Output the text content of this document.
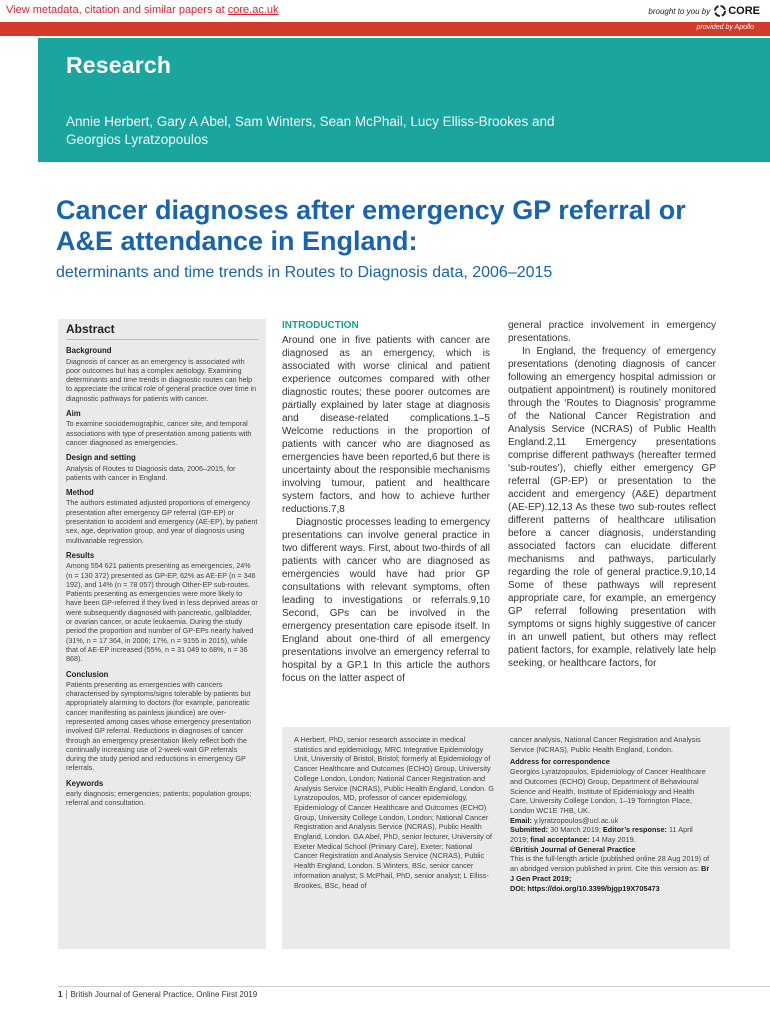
View metadata, citation and similar papers at core.ac.uk	brought to you by CORE
provided by Apollo
Research
Annie Herbert, Gary A Abel, Sam Winters, Sean McPhail, Lucy Elliss-Brookes and Georgios Lyratzopoulos
Cancer diagnoses after emergency GP referral or A&E attendance in England:
determinants and time trends in Routes to Diagnosis data, 2006–2015
Abstract
Background

Diagnosis of cancer as an emergency is associated with poor outcomes but has a complex aetiology. Examining determinants and time trends in diagnostic routes can help to appreciate the critical role of general practice over time in diagnostic pathways for patients with cancer.

Aim

To examine sociodemographic, cancer site, and temporal associations with type of presentation among patients with cancer diagnosed as emergencies.

Design and setting

Analysis of Routes to Diagnosis data, 2006–2015, for patients with cancer in England.

Method

The authors estimated adjusted proportions of emergency presentation after emergency GP referral (GP-EP) or presentation to accident and emergency (AE-EP), by patient sex, age, deprivation group, and year of diagnosis using multivariable regression.

Results

Among 554 621 patients presenting as emergencies, 24% (n = 130 372) presented as GP-EP, 62% as AE-EP (n = 346 192), and 14% (n = 78 057) through Other-EP sub-routes. Patients presenting as emergencies were more likely to have been GP-referred if they lived in less deprived areas or were subsequently diagnosed with pancreatic, gallbladder, or ovarian cancer, or acute leukaemia. During the study period the proportion and number of GP-EPs nearly halved (31%, n = 17 364, in 2006; 17%, n = 9155 in 2015), while that of AE-EP increased (55%, n = 31 049 to 68%, n = 36 868).

Conclusion

Patients presenting as emergencies with cancers characterised by symptoms/signs tolerable by patients but appropriately alarming to doctors (for example, pancreatic cancer manifesting as painless jaundice) are over-represented among cases whose emergency presentation involved GP referral. Reductions in diagnoses of cancer through an emergency presentation likely reflect both the continually increasing use of 2-week-wait GP referrals during the study period and reductions in emergency GP referrals.

Keywords

early diagnosis; emergencies; patients; population groups; referral and consultation.

INTRODUCTION

Around one in five patients with cancer are diagnosed as an emergency, which is associated with worse clinical and patient experience outcomes compared with other diagnostic routes; these poorer outcomes are partially explained by later stage at diagnosis and disease-related complications.1–5 Welcome reductions in the proportion of patients with cancer who are diagnosed as emergencies have been reported,6 but there is uncertainty about the responsible mechanisms involving tumour, patient and healthcare system factors, and how to achieve further reductions.7,8

Diagnostic processes leading to emergency presentations can involve general practice in two different ways. First, about two-thirds of all patients with cancer who are diagnosed as emergencies would have had prior GP consultations with relevant symptoms, often leading to investigations or referrals.9,10 Second, GPs can be involved in the emergency presentation care episode itself. In England about one-third of all emergency presentations involve an emergency referral to hospital by a GP.1 In this article the authors focus on the latter aspect of

general practice involvement in emergency presentations.

In England, the frequency of emergency presentations (denoting diagnosis of cancer following an emergency hospital admission or outpatient appointment) is routinely monitored through the ‘Routes to Diagnosis’ programme of the National Cancer Registration and Analysis Service (NCRAS) of Public Health England.2,11 Emergency presentations comprise different pathways (hereafter termed ‘sub-routes’), chiefly either emergency GP referral (GP-EP) or presentation to the accident and emergency (A&E) department (AE-EP).12,13 As these two sub-routes reflect different patterns of healthcare utilisation before a cancer diagnosis, understanding associated factors can elucidate different mechanisms and pathways, particularly regarding the role of general practice.9,10,14 Some of these pathways will represent appropriate care, for example, an emergency GP referral following presentation with symptoms or signs highly suggestive of cancer in an unwell patient, but others may reflect patient factors, for example, relatively late help seeking, or healthcare factors, for

A Herbert, PhD, senior research associate in medical statistics and epidemiology, MRC Integrative Epidemiology Unit, University of Bristol, Bristol; formerly at Epidemiology of Cancer Healthcare and Outcomes (ECHO) Group, University College London, London; National Cancer Registration and Analysis Service (NCRAS), Public Health England, London. G Lyratzopoulos, MD, professor of cancer epidemiology, Epidemiology of Cancer Healthcare and Outcomes (ECHO) Group, University College London, London; National Cancer Registration and Analysis Service (NCRAS), Public Health England, London. GA Abel, PhD, senior lecturer, University of Exeter Medical School (Primary Care), Exeter; National Cancer Registration and Analysis Service (NCRAS), Public Health England, London. S Winters, BSc, senior cancer information analyst; S McPhail, PhD, senior analyst; L Elliss-Brookes, BSc, head of
cancer analysis, National Cancer Registration and Analysis Service (NCRAS), Public Health England, London.
Address for correspondence
Georgios Lyratzopoulos, Epidemiology of Cancer Healthcare and Outcomes (ECHO) Group, Department of Behavioural Science and Health, Institute of Epidemiology and Health Care, University College London, 1–19 Torrington Place, London WC1E 7HB, UK.
Email: y.lyratzopoulos@ucl.ac.uk
Submitted: 30 March 2019; Editor’s response: 11 April 2019; final acceptance: 14 May 2019.
©British Journal of General Practice
This is the full-length article (published online 28 Aug 2019) of an abridged version published in print. Cite this version as: Br J Gen Pract 2019;
DOI: https://doi.org/10.3399/bjgp19X705473
1 British Journal of General Practice, Online First 2019
